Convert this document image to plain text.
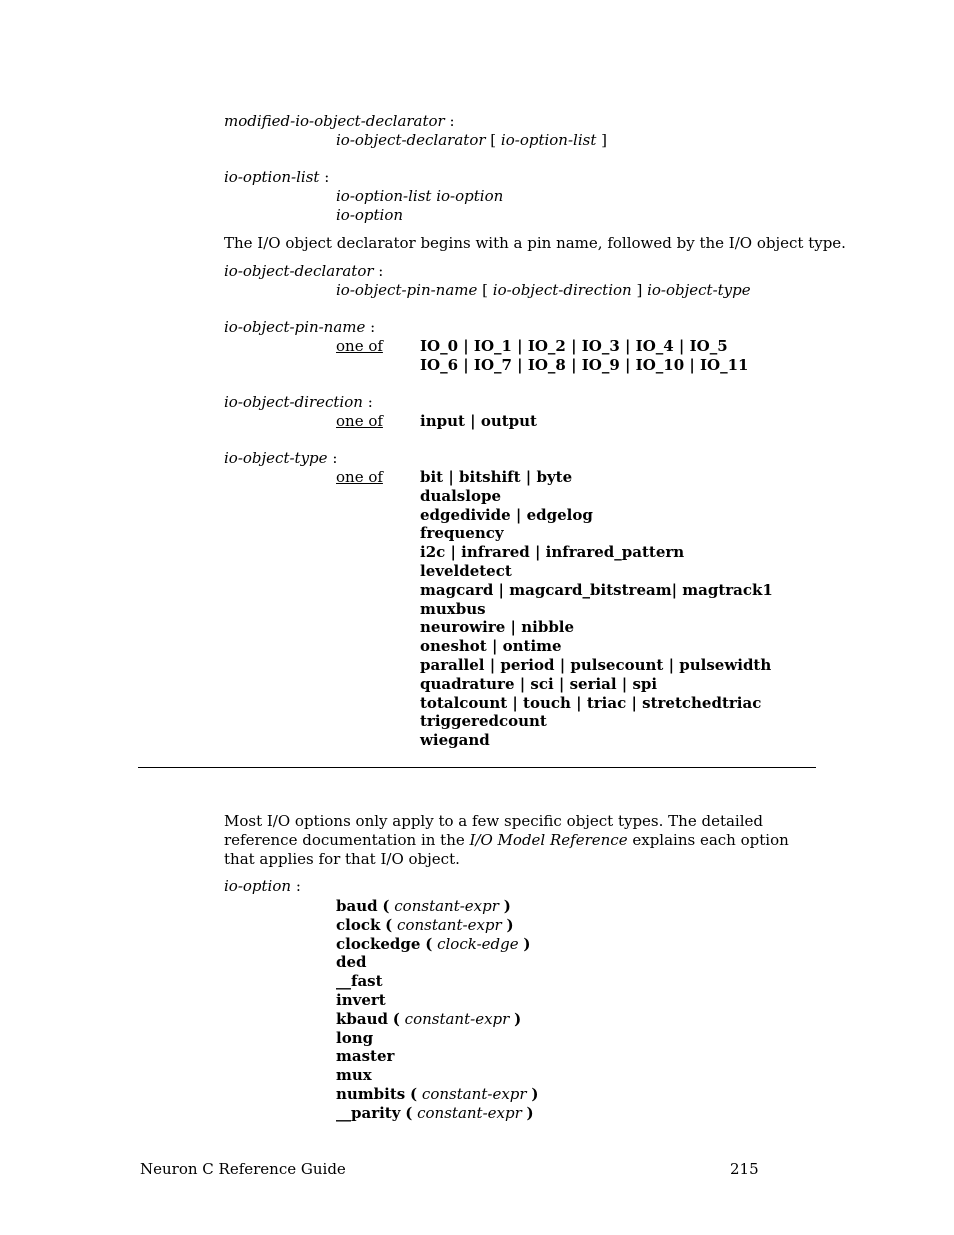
modified-io-object-declarator :
io-object-declarator [ io-option-list ]
io-option-list :
io-option-list io-option
io-option
The I/O object declarator begins with a pin name, followed by the I/O object type.
io-object-declarator :
io-object-pin-name [ io-object-direction ] io-object-type
io-object-pin-name :
one of IO_0 | IO_1 | IO_2 | IO_3 | IO_4 | IO_5
IO_6 | IO_7 | IO_8 | IO_9 | IO_10 | IO_11
io-object-direction :
one of input | output
io-object-type :
one of bit | bitshift | byte
dualslope
edgedivide | edgelog
frequency
i2c | infrared | infrared_pattern
leveldetect
magcard | magcard_bitstream| magtrack1
muxbus
neurowire | nibble
oneshot | ontime
parallel | period | pulsecount | pulsewidth
quadrature | sci | serial | spi
totalcount | touch | triac | stretchedtriac
triggeredcount
wiegand
Most I/O options only apply to a few specific object types. The detailed reference documentation in the I/O Model Reference explains each option that applies for that I/O object.
io-option :
baud ( constant-expr )
clock ( constant-expr )
clockedge ( clock-edge )
ded
__fast
invert
kbaud ( constant-expr )
long
master
mux
numbits ( constant-expr )
__parity ( constant-expr )
Neuron C Reference Guide	215
